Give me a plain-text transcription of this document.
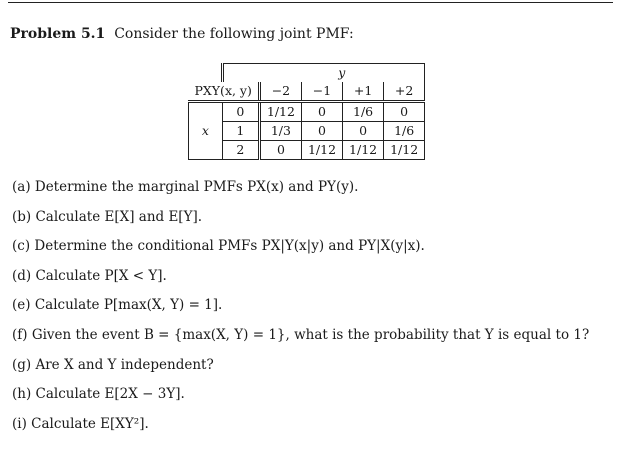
Problem 5.1 Consider the following joint PMF:
		y			
PXY(x, y)		−2	−1	+1	+2
x	0	1/12	0	1/6	0
	1	1/3	0	0	1/6
	2	0	1/12	1/12	1/12
(a) Determine the marginal PMFs PX(x) and PY(y).
(b) Calculate E[X] and E[Y].
(c) Determine the conditional PMFs PX|Y(x|y) and PY|X(y|x).
(d) Calculate P[X < Y].
(e) Calculate P[max(X, Y) = 1].
(f) Given the event B = {max(X, Y) = 1}, what is the probability that Y is equal to 1?
(g) Are X and Y independent?
(h) Calculate E[2X − 3Y].
(i) Calculate E[XY²].
